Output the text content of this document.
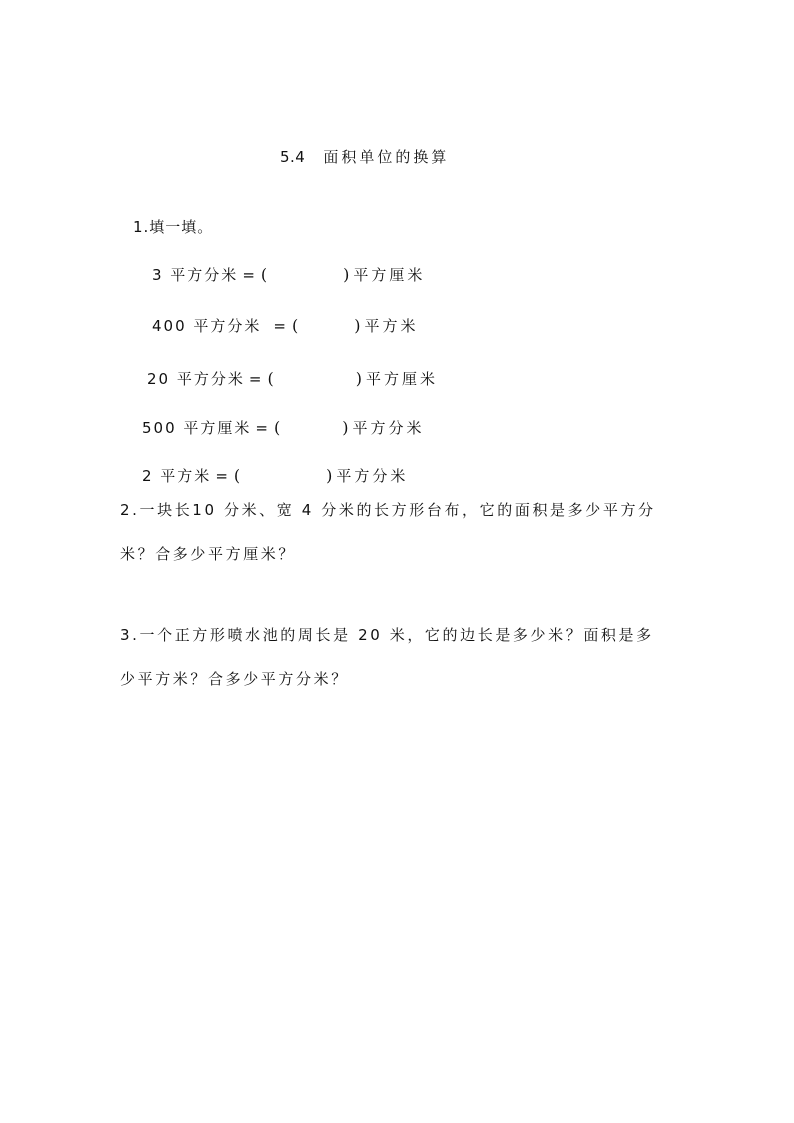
5.4 面积单位的换算
1.填一填。
3 平方分米 = (	) 平方厘米
400 平方分米 = (	) 平方米
20 平方分米 = (	) 平方厘米
500 平方厘米 = (	) 平方分米
2 平方米 = (	) 平方分米
2.一块长10 分米、宽 4 分米的长方形台布，它的面积是多少平方分
米？合多少平方厘米？
3.一个正方形喷水池的周长是 20 米，它的边长是多少米？面积是多
少平方米？合多少平方分米？
